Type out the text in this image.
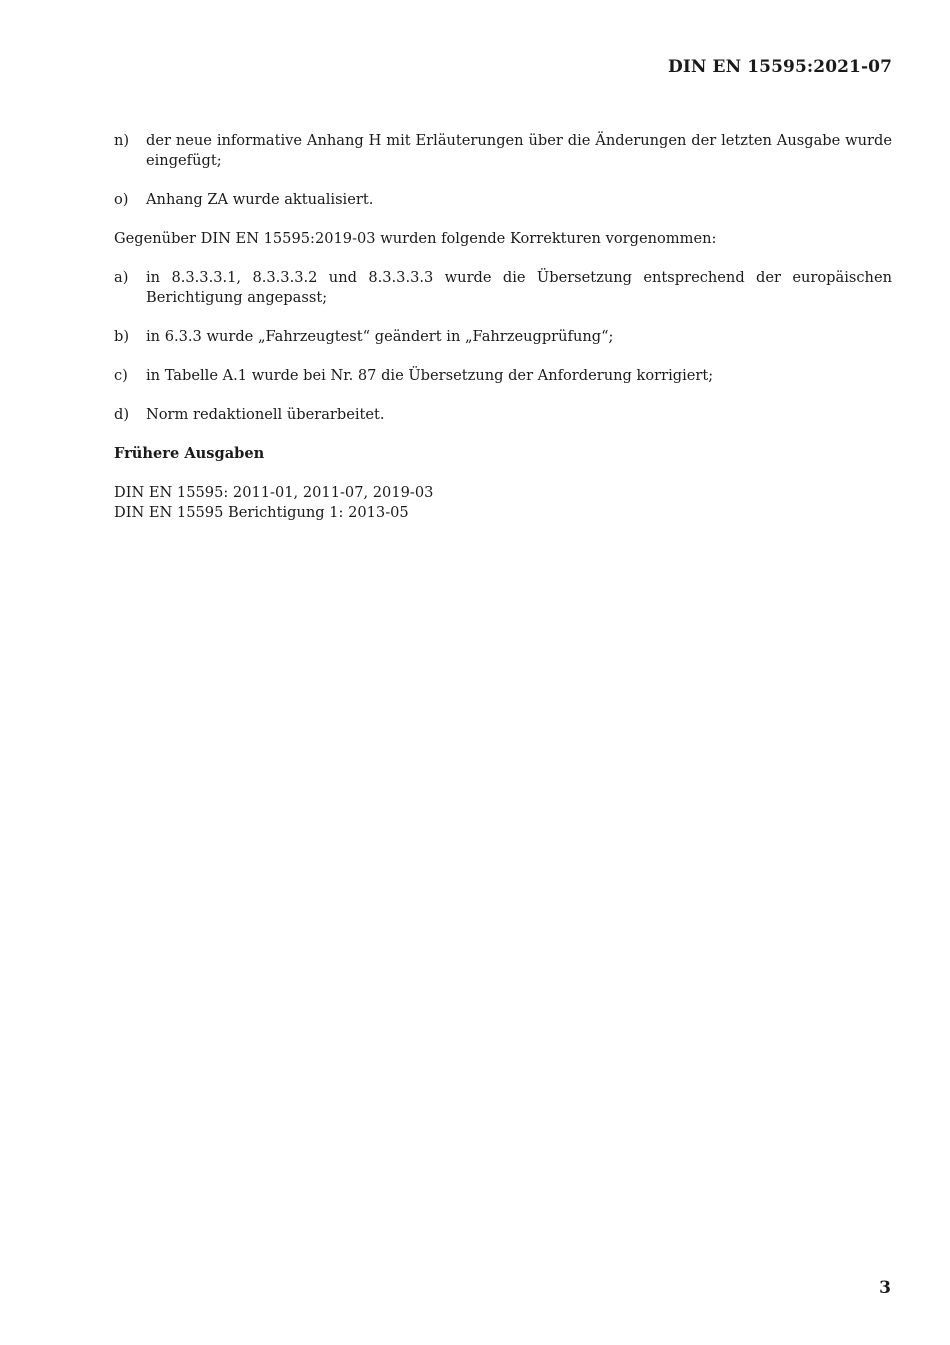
DIN EN 15595:2021-07
n)	der neue informative Anhang H mit Erläuterungen über die Änderungen der letzten Ausgabe wurde eingefügt;
o)	Anhang ZA wurde aktualisiert.
Gegenüber DIN EN 15595:2019-03 wurden folgende Korrekturen vorgenommen:
a)	in 8.3.3.3.1, 8.3.3.3.2 und 8.3.3.3.3 wurde die Übersetzung entsprechend der europäischen Berichtigung angepasst;
b)	in 6.3.3 wurde „Fahrzeugtest“ geändert in „Fahrzeugprüfung“;
c)	in Tabelle A.1 wurde bei Nr. 87 die Übersetzung der Anforderung korrigiert;
d)	Norm redaktionell überarbeitet.
Frühere Ausgaben

DIN EN 15595: 2011-01, 2011-07, 2019-03

DIN EN 15595 Berichtigung 1: 2013-05

3
